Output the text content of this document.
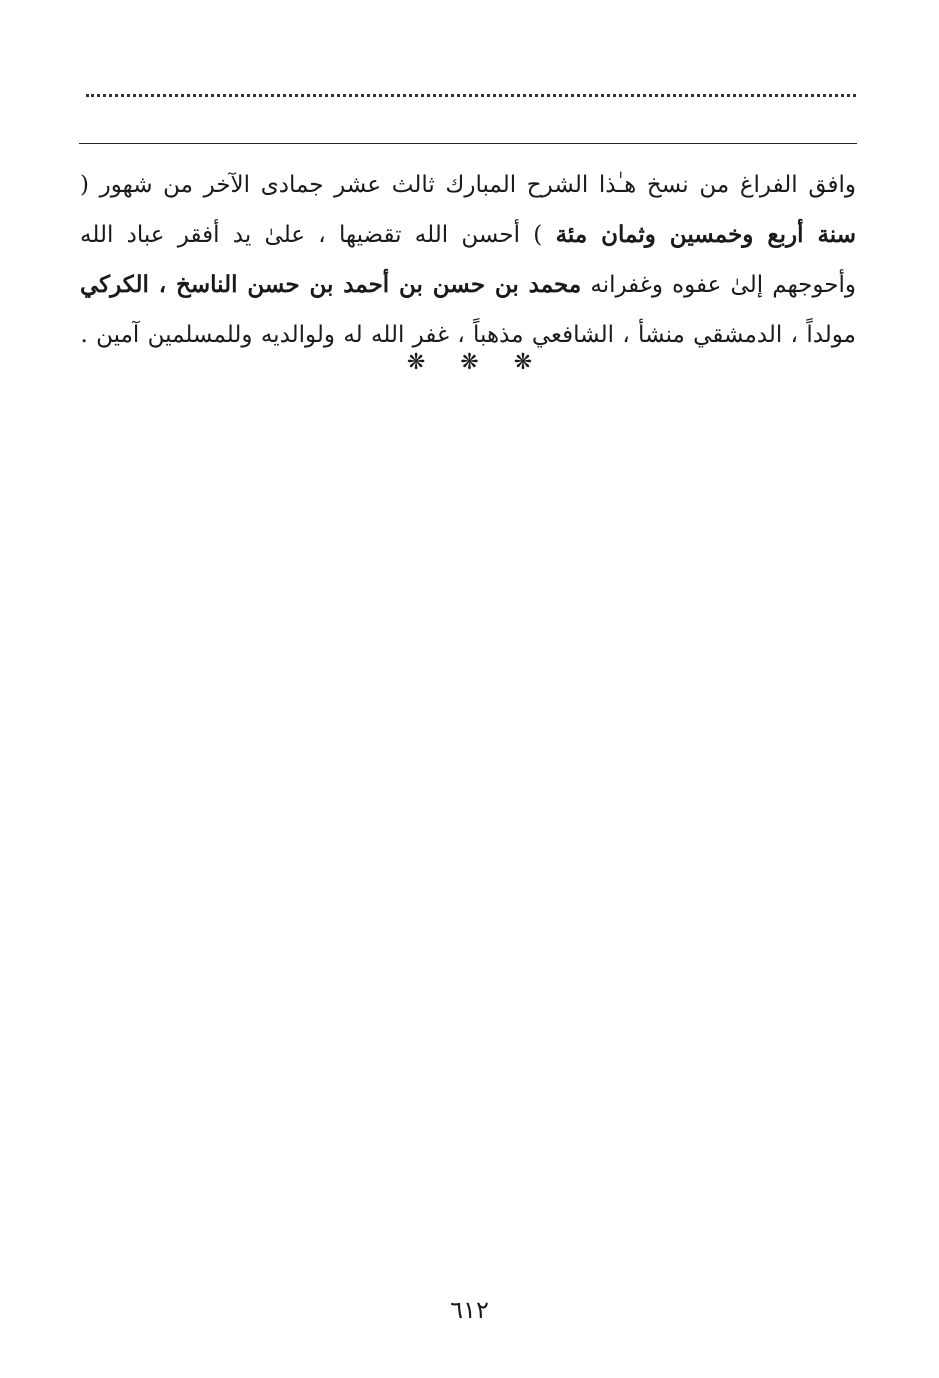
وافق الفراغ من نسخ هـٰذا الشرح المبارك ثالث عشر جمادى الآخر من شهور ( سنة أربع وخمسين وثمان مئة ) أحسن الله تقضيها ، علىٰ يد أفقر عباد الله وأحوجهم إلىٰ عفوه وغفرانه محمد بن حسن بن أحمد بن حسن الناسخ ، الكركي مولداً ، الدمشقي منشأ ، الشافعي مذهباً ، غفر الله له ولوالديه وللمسلمين آمين .
❋ ❋ ❋
٦١٢
